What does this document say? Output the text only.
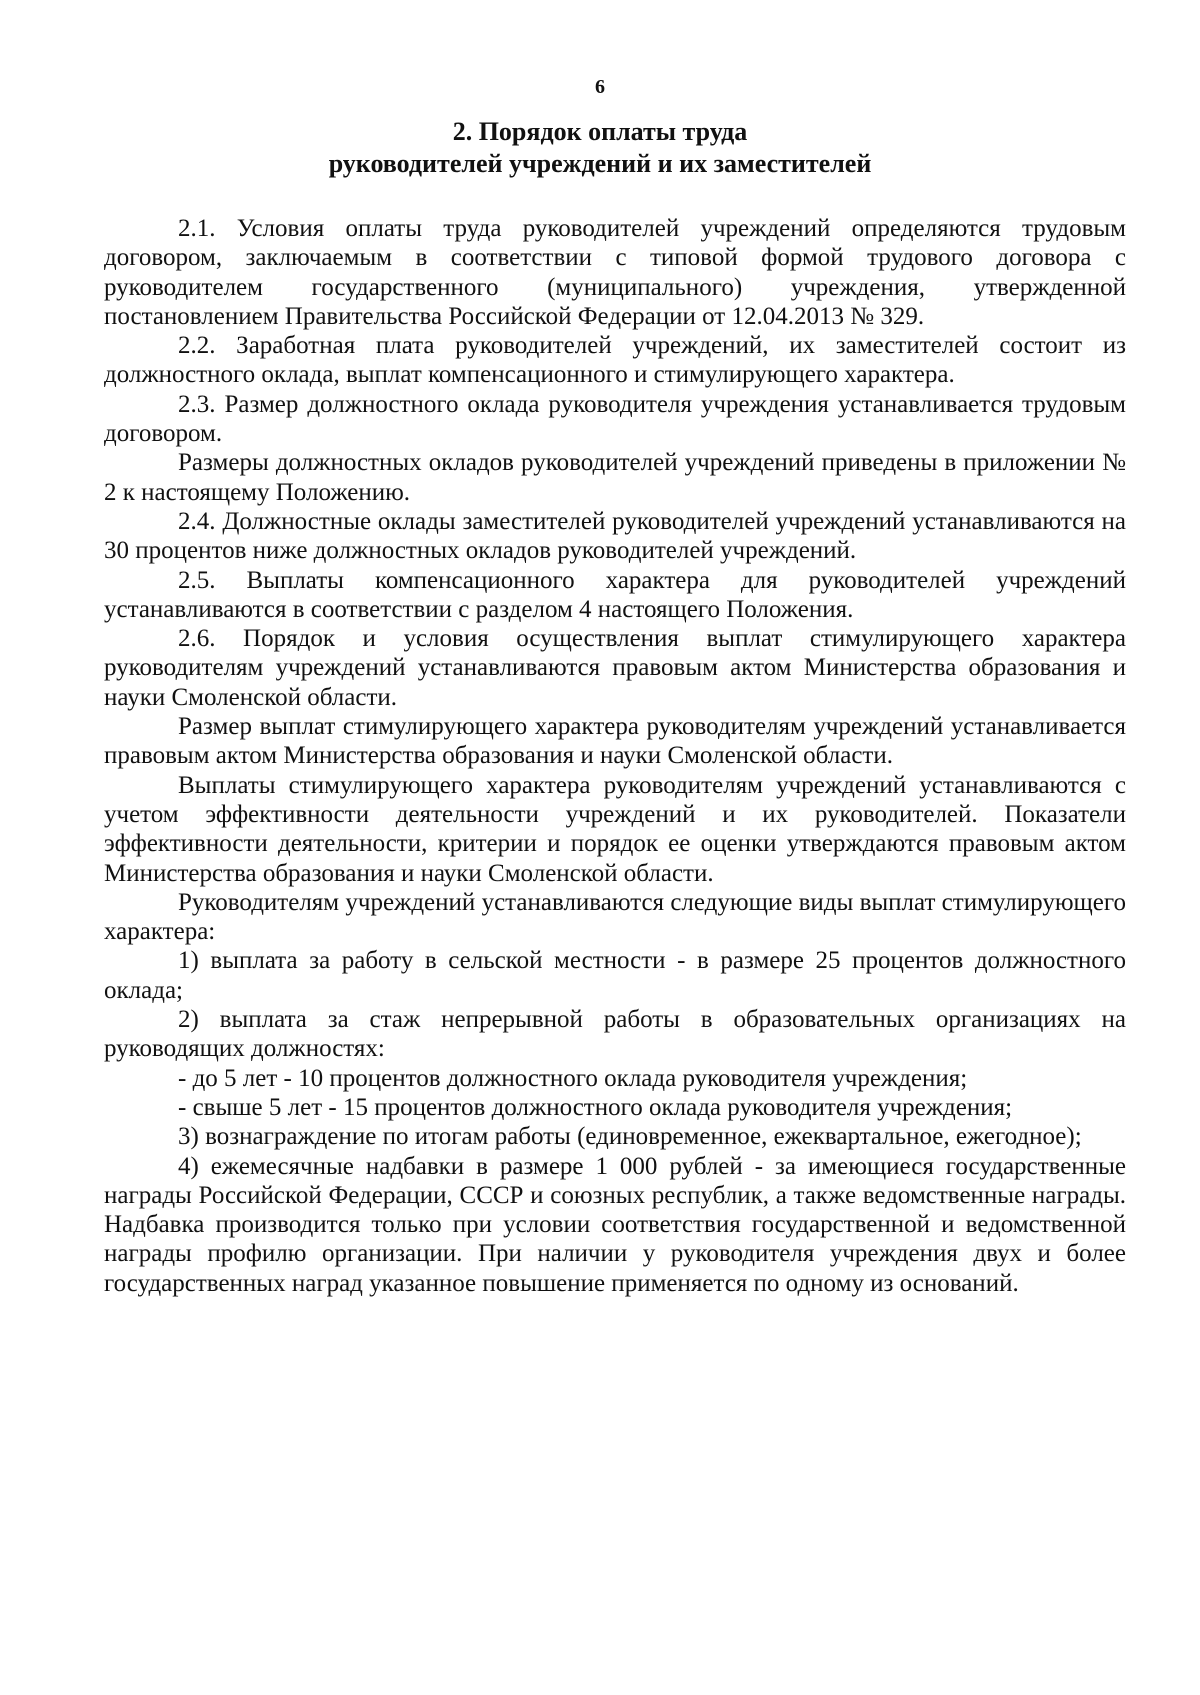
6
2. Порядок оплаты труда
руководителей учреждений и их заместителей

2.1. Условия оплаты труда руководителей учреждений определяются трудовым договором, заключаемым в соответствии с типовой формой трудового договора с руководителем государственного (муниципального) учреждения, утвержденной постановлением Правительства Российской Федерации от 12.04.2013 № 329.

2.2. Заработная плата руководителей учреждений, их заместителей состоит из должностного оклада, выплат компенсационного и стимулирующего характера.

2.3. Размер должностного оклада руководителя учреждения устанавливается трудовым договором.

Размеры должностных окладов руководителей учреждений приведены в приложении № 2 к настоящему Положению.

2.4. Должностные оклады заместителей руководителей учреждений устанавливаются на 30 процентов ниже должностных окладов руководителей учреждений.

2.5. Выплаты компенсационного характера для руководителей учреждений устанавливаются в соответствии с разделом 4 настоящего Положения.

2.6. Порядок и условия осуществления выплат стимулирующего характера руководителям учреждений устанавливаются правовым актом Министерства образования и науки Смоленской области.

Размер выплат стимулирующего характера руководителям учреждений устанавливается правовым актом Министерства образования и науки Смоленской области.

Выплаты стимулирующего характера руководителям учреждений устанавливаются с учетом эффективности деятельности учреждений и их руководителей. Показатели эффективности деятельности, критерии и порядок ее оценки утверждаются правовым актом Министерства образования и науки Смоленской области.

Руководителям учреждений устанавливаются следующие виды выплат стимулирующего характера:

1) выплата за работу в сельской местности - в размере 25 процентов должностного оклада;

2) выплата за стаж непрерывной работы в образовательных организациях на руководящих должностях:

- до 5 лет - 10 процентов должностного оклада руководителя учреждения;

- свыше 5 лет - 15 процентов должностного оклада руководителя учреждения;

3) вознаграждение по итогам работы (единовременное, ежеквартальное, ежегодное);

4) ежемесячные надбавки в размере 1 000 рублей - за имеющиеся государственные награды Российской Федерации, СССР и союзных республик, а также ведомственные награды. Надбавка производится только при условии соответствия государственной и ведомственной награды профилю организации. При наличии у руководителя учреждения двух и более государственных наград указанное повышение применяется по одному из оснований.
